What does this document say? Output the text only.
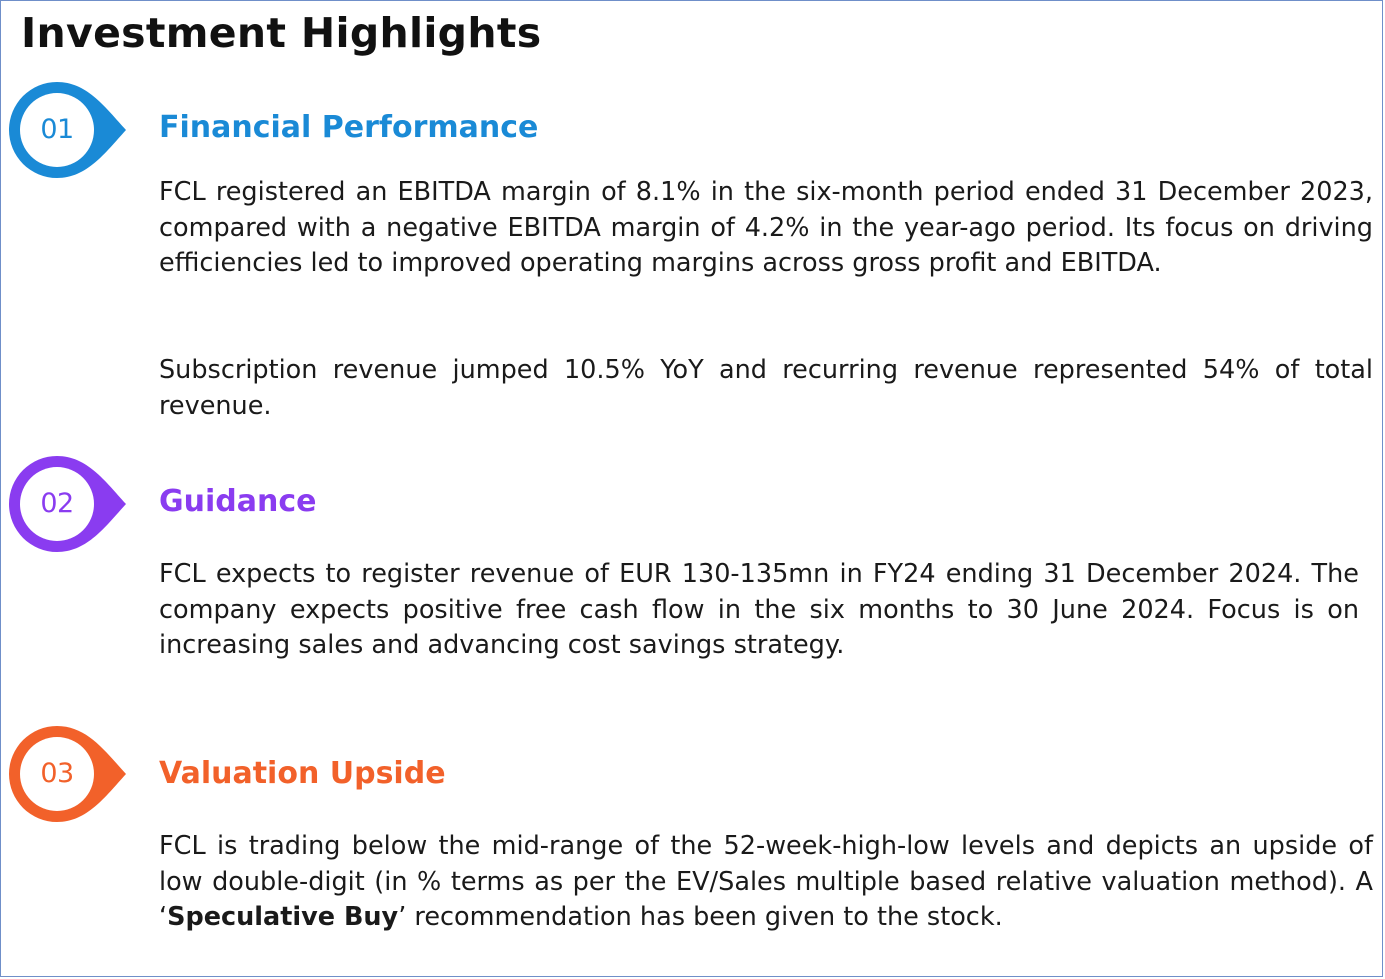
Investment Highlights
01	Financial Performance

FCL registered an EBITDA margin of 8.1% in the six-month period ended 31 December 2023, compared with a negative EBITDA margin of 4.2% in the year-ago period. Its focus on driving efficiencies led to improved operating margins across gross profit and EBITDA.

Subscription revenue jumped 10.5% YoY and recurring revenue represented 54% of total revenue.

02	Guidance

FCL expects to register revenue of EUR 130-135mn in FY24 ending 31 December 2024. The company expects positive free cash flow in the six months to 30 June 2024. Focus is on increasing sales and advancing cost savings strategy.

03	Valuation Upside

FCL is trading below the mid-range of the 52-week-high-low levels and depicts an upside of low double-digit (in % terms as per the EV/Sales multiple based relative valuation method). A ‘Speculative Buy’ recommendation has been given to the stock.
